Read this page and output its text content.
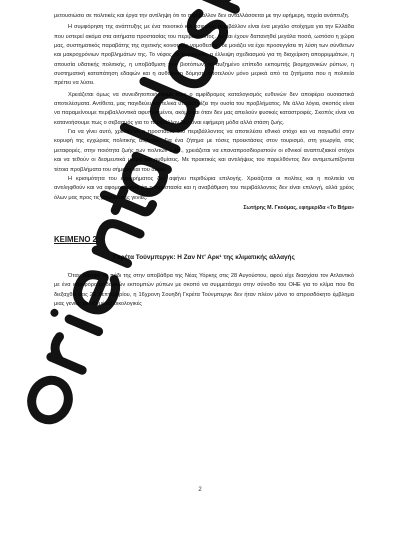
μετουσιώσει σε πολιτικές και έργα την αντίληψη ότι το περιβάλλον δεν ανταλλάσσεται με την εφήμερη, ταχεία ανάπτυξη.

Η συμφόρηση της ανάπτυξης με ένα ποιοτικό και ασφαλές περιβάλλον είναι ένα μεγάλο στοίχημα για την Ελλάδα που υστερεί ακόμα στα αιτήματα προστασίας του περιβάλλοντος. Αν και έχουν δαπανηθεί μεγάλα ποσά, ωστόσο η χώρα μας, συστηματικός παραβάτης της σχετικής κοινοτικής νομοθεσίας, δε μοιάζει να έχει προσεγγίσει τη λύση των σύνθετων και μακροχρόνιων προβλημάτων της. Το νέφος, οι πυρκαγιές, η έλλειψη σχεδιασμού για τη διαχείριση απορριμμάτων, η απουσία υδατικής πολιτικής, η υποβάθμιση των βιοτόπων, το αυξημένο επίπεδο εκπομπής βιομηχανικών ρύπων, η συστηματική καταπάτηση εδαφών και η αυθαίρετη δόμηση αποτελούν μόνο μερικά από τα ζητήματα που η πολιτεία πρέπει να λύσει.

Χρειάζεται όμως να συνειδητοποιήσουμε πως ο αμφίδρομος καταλογισμός ευθυνών δεν αποφέρει ουσιαστικά αποτελέσματα. Αντίθετα, μας παγιδεύει και τελικά υποβαθμίζει την ουσία του προβλήματος. Με άλλα λόγια, σκοπός είναι να παραμείνουμε περιβαλλοντικά αφυπνισμένοι, ακόμα και όταν δεν μας απειλούν φυσικές καταστροφές. Σκοπός είναι να κατανοήσουμε πως ο σεβασμός για το περιβάλλον δεν είναι εφήμερη μόδα αλλά στάση ζωής.

Για να γίνει αυτό, χρειάζεται η προστασία του περιβάλλοντος να αποτελέσει εθνικό στόχο και να παγιωθεί στην κορυφή της εγχώριας πολιτικής ατζέντας. Για ένα ζήτημα με τόσες προεκτάσεις στον τουρισμό, στη γεωργία, στις μεταφορές, στην ποιότητα ζωής των πολιτών κ.λπ., χρειάζεται να επαναπροσδιοριστούν οι εθνικοί αναπτυξιακοί στόχοι και να τεθούν οι δεσμευτικά μέτρα και ρυθμίσεις. Με πρακτικές και αντιλήψεις του παρελθόντος δεν αντιμετωπίζονται τέτοια προβλήματα του σήμερα και του αύριο.

Η κρισιμότητα του εγχειρήματος δεν αφήνει περιθώρια επιλογής. Χρειάζεται οι πολίτες και η πολιτεία να αντιληφθούν και να αφομοιώσουν ότι η προστασία και η αναβάθμιση του περιβάλλοντος δεν είναι επιλογή, αλλά χρέος όλων μας προς τις μελλοντικές γενιές.

Σωτήρης Μ. Γκούμας, εφημερίδα «Το Βήμα»

ΚΕΙΜΕΝΟ 2

Γκρέτα Τούνμπεργκ: Η Ζαν Ντ' Αρκ¹ της κλιματικής αλλαγής

Όταν πάτησε το πόδι της στην αποβάθρα της Νέας Υόρκης στις 28 Αυγούστου, αφού είχε διασχίσει τον Ατλαντικό με ένα ιστιοφόρο μηδενικών εκπομπών ρύπων με σκοπό να συμμετάσχει στην σύνοδο του ΟΗΕ για το κλίμα που θα διεξαχθεί στις 23 Σεπτεμβρίου, η 16χρονη Σουηδή Γκρέτα Τούνμπεργκ δεν ήταν πλέον μόνο το απροσδόκητο έμβλημα μιας γενιάς με οξυμένες οικολογικές

2
